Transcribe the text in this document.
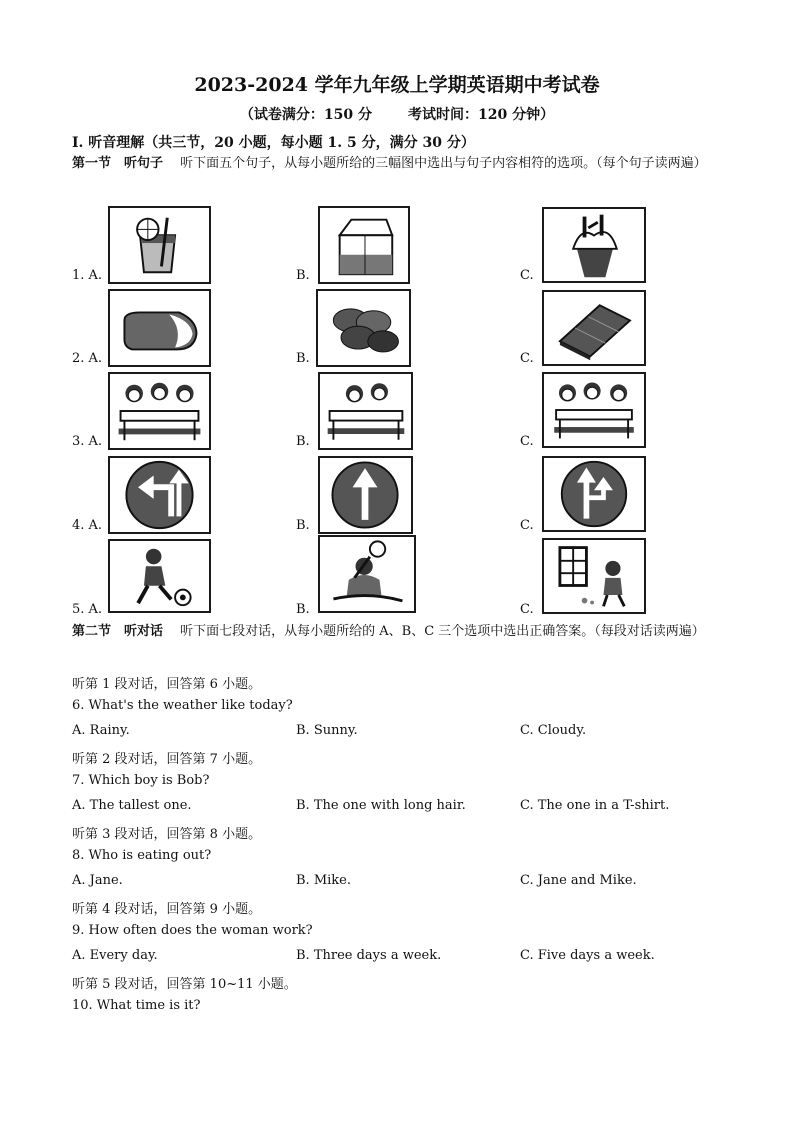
2023-2024 学年九年级上学期英语期中考试卷
（试卷满分：150 分	考试时间：120 分钟）
I. 听音理解（共三节，20 小题，每小题 1. 5 分，满分 30 分）
第一节　听句子　 听下面五个句子，从每小题所给的三幅图中选出与句子内容相符的选项。（每个句子读两遍）
1. A.	B.	C.
2. A.	B.	C.
3. A.	B.	C.
4. A.	B.	C.
5. A.	B.	C.
第二节　听对话　 听下面七段对话，从每小题所给的 A、B、C 三个选项中选出正确答案。（每段对话读两遍）
听第 1 段对话，回答第 6 小题。
6. What's the weather like today?
A. Rainy.	B. Sunny.	C. Cloudy.
听第 2 段对话，回答第 7 小题。
7. Which boy is Bob?
A. The tallest one.	B. The one with long hair.	C. The one in a T-shirt.
听第 3 段对话，回答第 8 小题。
8. Who is eating out?
A. Jane.	B. Mike.	C. Jane and Mike.
听第 4 段对话，回答第 9 小题。
9. How often does the woman work?
A. Every day.	B. Three days a week.	C. Five days a week.
听第 5 段对话，回答第 10~11 小题。
10. What time is it?
